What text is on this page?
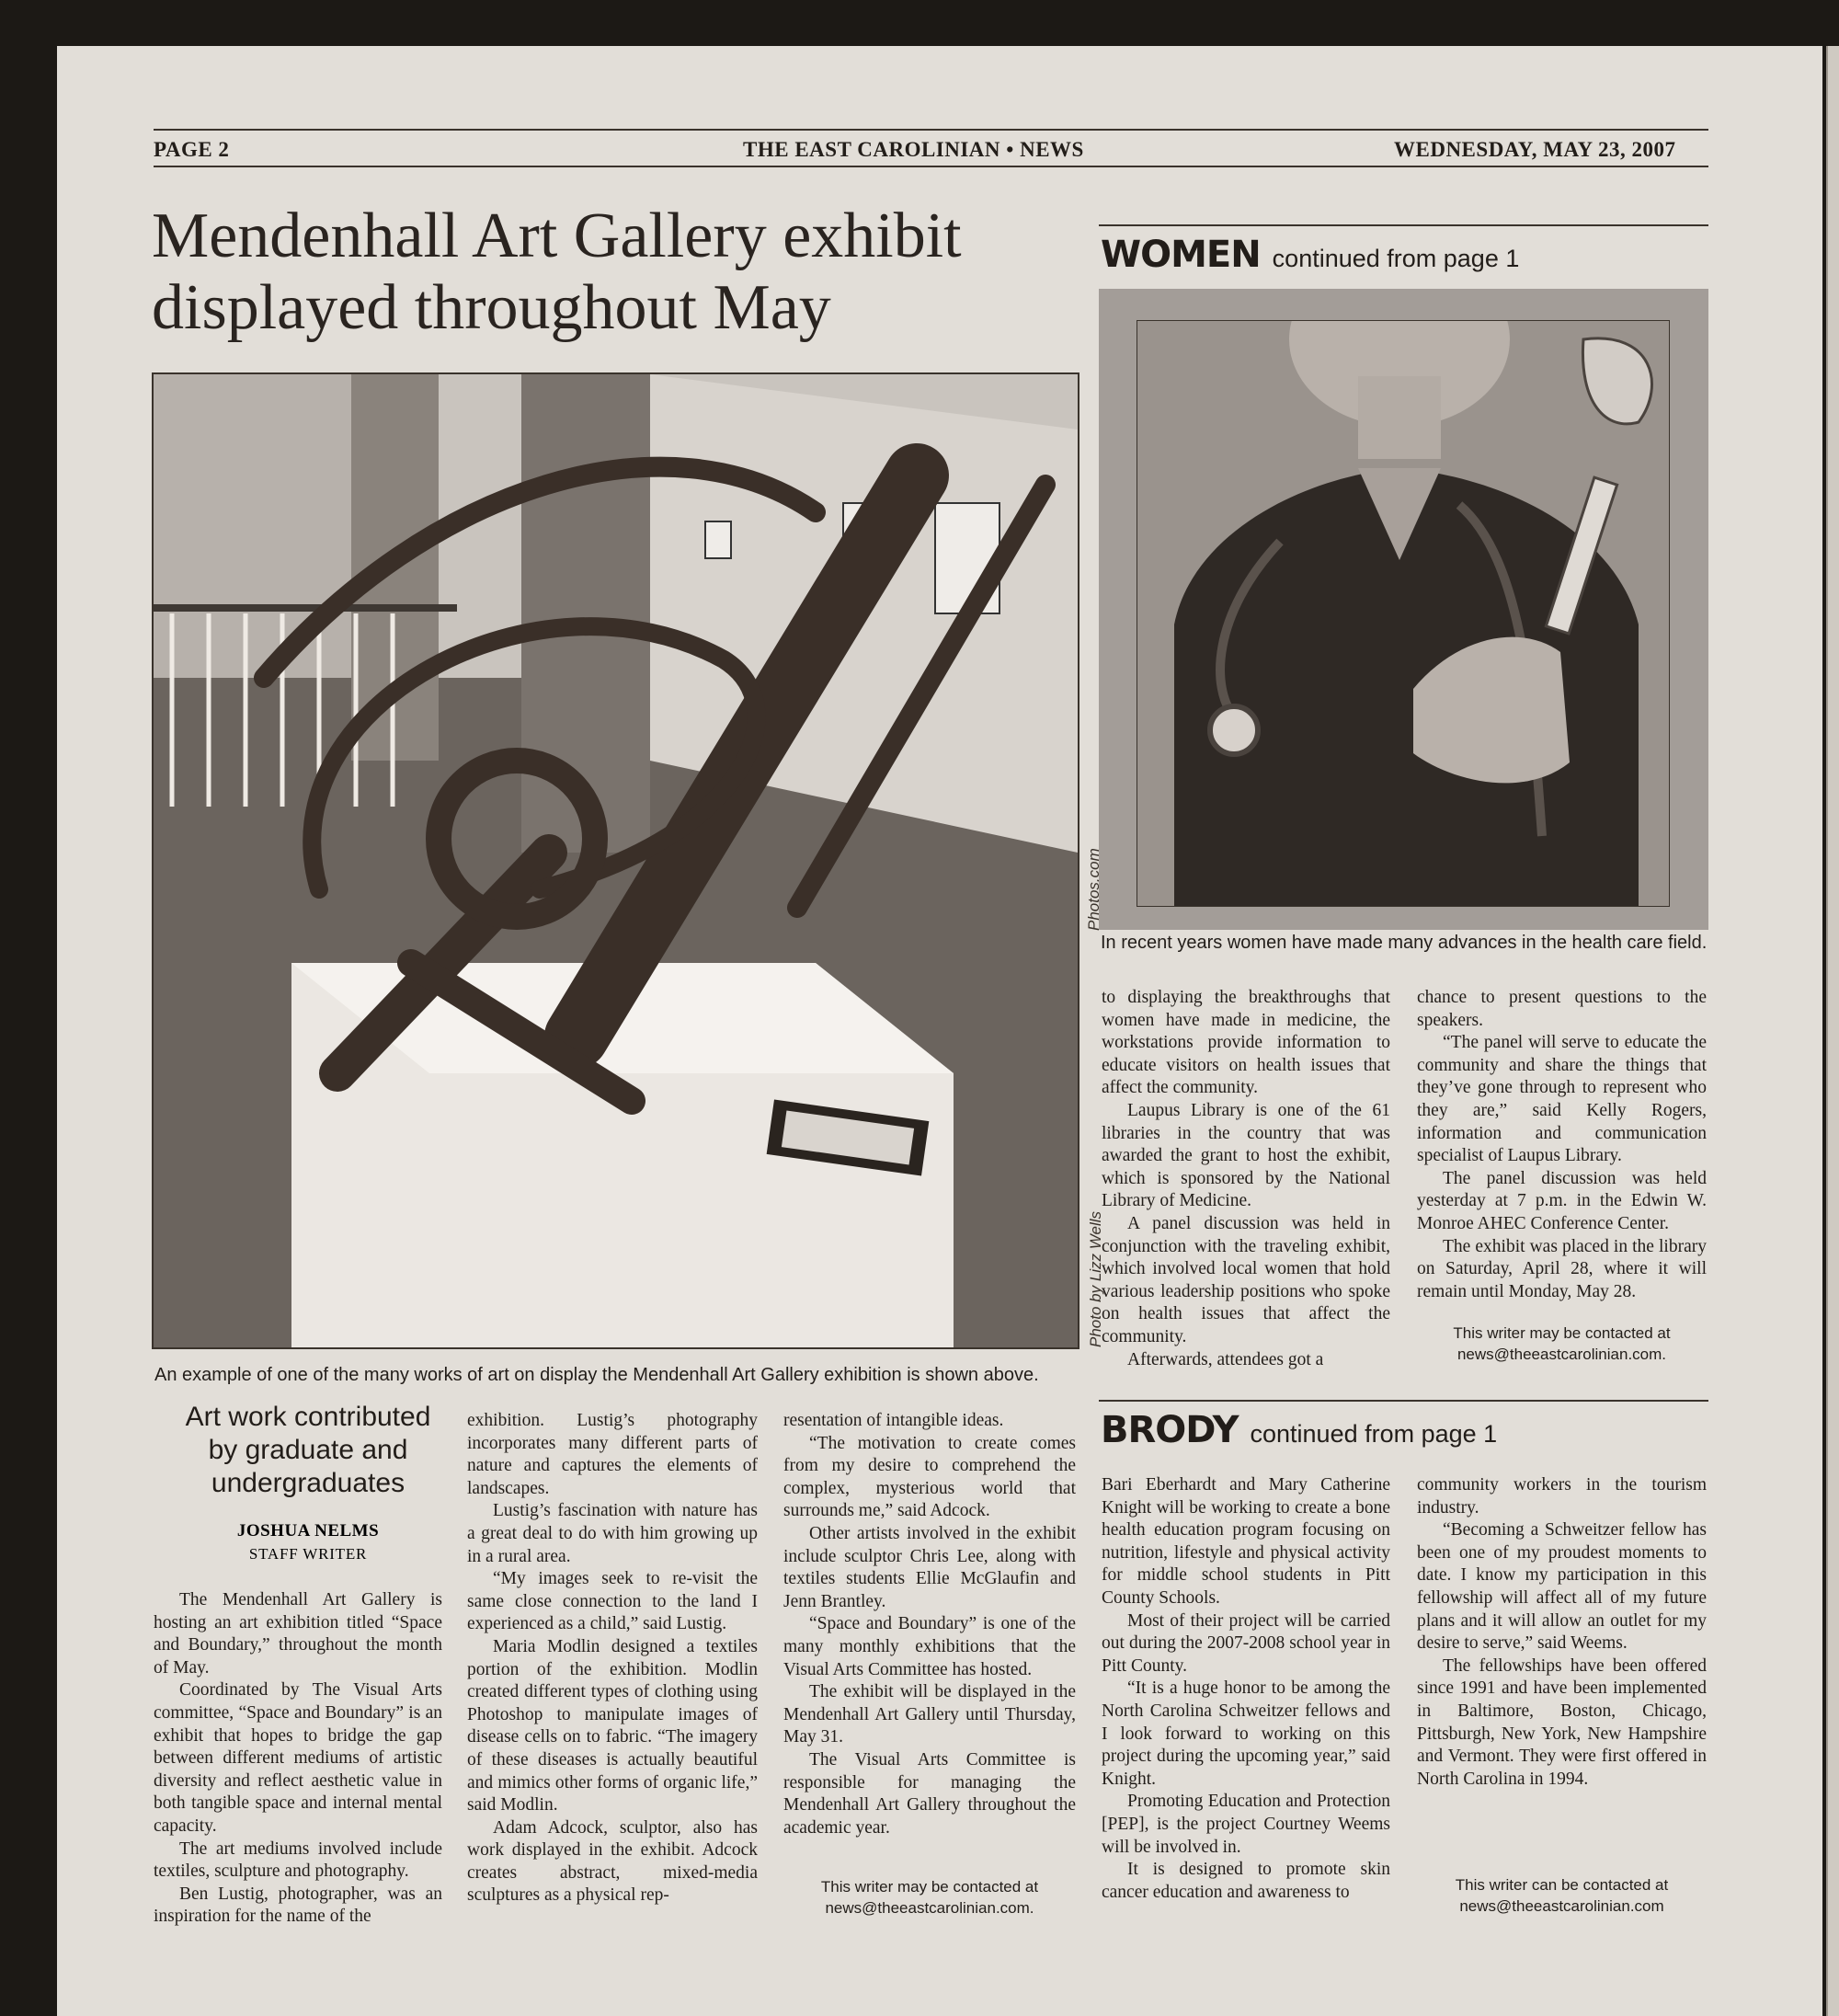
PAGE 2	THE EAST CAROLINIAN • NEWS	WEDNESDAY, MAY 23, 2007
Mendenhall Art Gallery exhibit
displayed throughout May
Photo by Lizz Wells
An example of one of the many works of art on display the Mendenhall Art Gallery exhibition is shown above.
WOMEN continued from page 1
Photos.com
In recent years women have made many advances in the health care field.

to displaying the breakthroughs that women have made in medicine, the workstations provide information to educate visitors on health issues that affect the community.

Laupus Library is one of the 61 libraries in the country that was awarded the grant to host the exhibit, which is sponsored by the National Library of Medicine.

A panel discussion was held in conjunction with the traveling exhibit, which involved local women that hold various leadership positions who spoke on health issues that affect the community.

Afterwards, attendees got a

chance to present questions to the speakers.

“The panel will serve to educate the community and share the things that they’ve gone through to represent who they are,” said Kelly Rogers, information and communication specialist of Laupus Library.

The panel discussion was held yesterday at 7 p.m. in the Edwin W. Monroe AHEC Conference Center.

The exhibit was placed in the library on Saturday, April 28, where it will remain until Monday, May 28.

This writer may be contacted at
news@theeastcarolinian.com.
BRODY continued from page 1

Bari Eberhardt and Mary Catherine Knight will be working to create a bone health education program focusing on nutrition, lifestyle and physical activity for middle school students in Pitt County Schools.

Most of their project will be carried out during the 2007-2008 school year in Pitt County.

“It is a huge honor to be among the North Carolina Schweitzer fellows and I look forward to working on this project during the upcoming year,” said Knight.

Promoting Education and Protection [PEP], is the project Courtney Weems will be involved in.

It is designed to promote skin cancer education and awareness to

community workers in the tourism industry.

“Becoming a Schweitzer fellow has been one of my proudest moments to date. I know my participation in this fellowship will affect all of my future plans and it will allow an outlet for my desire to serve,” said Weems.

The fellowships have been offered since 1991 and have been implemented in Baltimore, Boston, Chicago, Pittsburgh, New York, New Hampshire and Vermont. They were first offered in North Carolina in 1994.

This writer can be contacted at
news@theeastcarolinian.com
Art work contributed
by graduate and
undergraduates
JOSHUA NELMS
STAFF WRITER

The Mendenhall Art Gallery is hosting an art exhibition titled “Space and Boundary,” throughout the month of May.

Coordinated by The Visual Arts committee, “Space and Boundary” is an exhibit that hopes to bridge the gap between different mediums of artistic diversity and reflect aesthetic value in both tangible space and internal mental capacity.

The art mediums involved include textiles, sculpture and photography.

Ben Lustig, photographer, was an inspiration for the name of the

exhibition. Lustig’s photography incorporates many different parts of nature and captures the elements of landscapes.

Lustig’s fascination with nature has a great deal to do with him growing up in a rural area.

“My images seek to re-visit the same close connection to the land I experienced as a child,” said Lustig.

Maria Modlin designed a textiles portion of the exhibition. Modlin created different types of clothing using Photoshop to manipulate images of disease cells on to fabric. “The imagery of these diseases is actually beautiful and mimics other forms of organic life,” said Modlin.

Adam Adcock, sculptor, also has work displayed in the exhibit. Adcock creates abstract, mixed-media sculptures as a physical rep-

resentation of intangible ideas.

“The motivation to create comes from my desire to comprehend the complex, mysterious world that surrounds me,” said Adcock.

Other artists involved in the exhibit include sculptor Chris Lee, along with textiles students Ellie McGlaufin and Jenn Brantley.

“Space and Boundary” is one of the many monthly exhibitions that the Visual Arts Committee has hosted.

The exhibit will be displayed in the Mendenhall Art Gallery until Thursday, May 31.

The Visual Arts Committee is responsible for managing the Mendenhall Art Gallery throughout the academic year.

This writer may be contacted at
news@theeastcarolinian.com.
